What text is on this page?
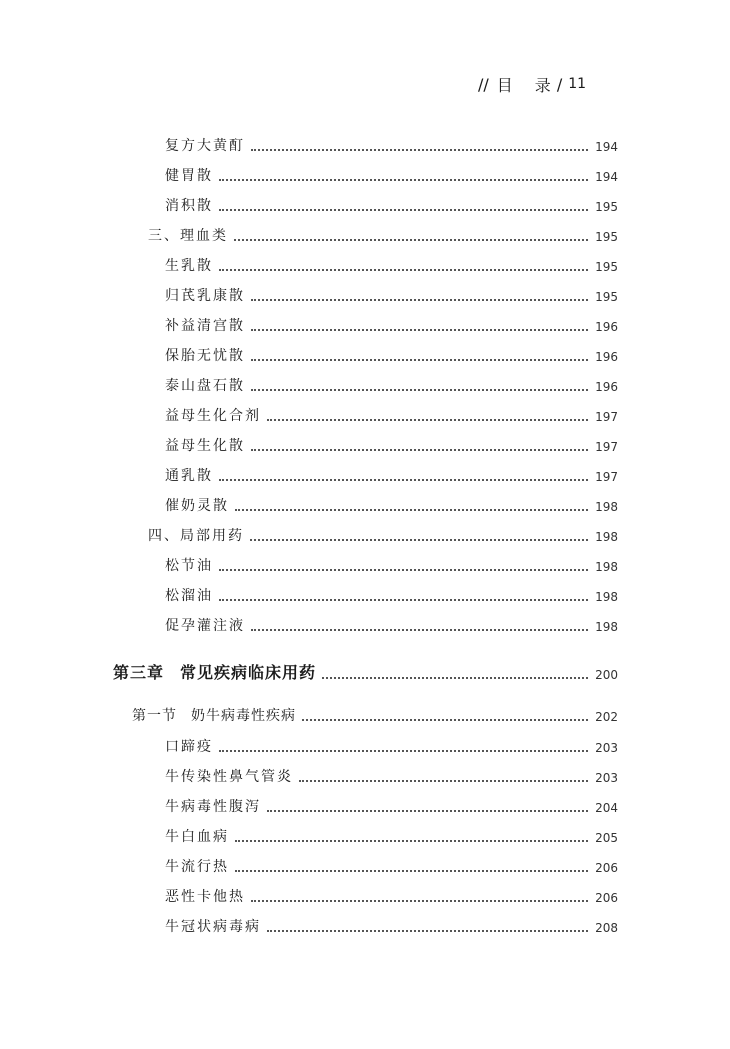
// 目 录 / 11
复方大黄酊	194
健胃散	194
消积散	195
三、理血类	195
生乳散	195
归芪乳康散	195
补益清宫散	196
保胎无忧散	196
泰山盘石散	196
益母生化合剂	197
益母生化散	197
通乳散	197
催奶灵散	198
四、局部用药	198
松节油	198
松溜油	198
促孕灌注液	198
第三章 常见疾病临床用药	200
第一节 奶牛病毒性疾病	202
口蹄疫	203
牛传染性鼻气管炎	203
牛病毒性腹泻	204
牛白血病	205
牛流行热	206
恶性卡他热	206
牛冠状病毒病	208
